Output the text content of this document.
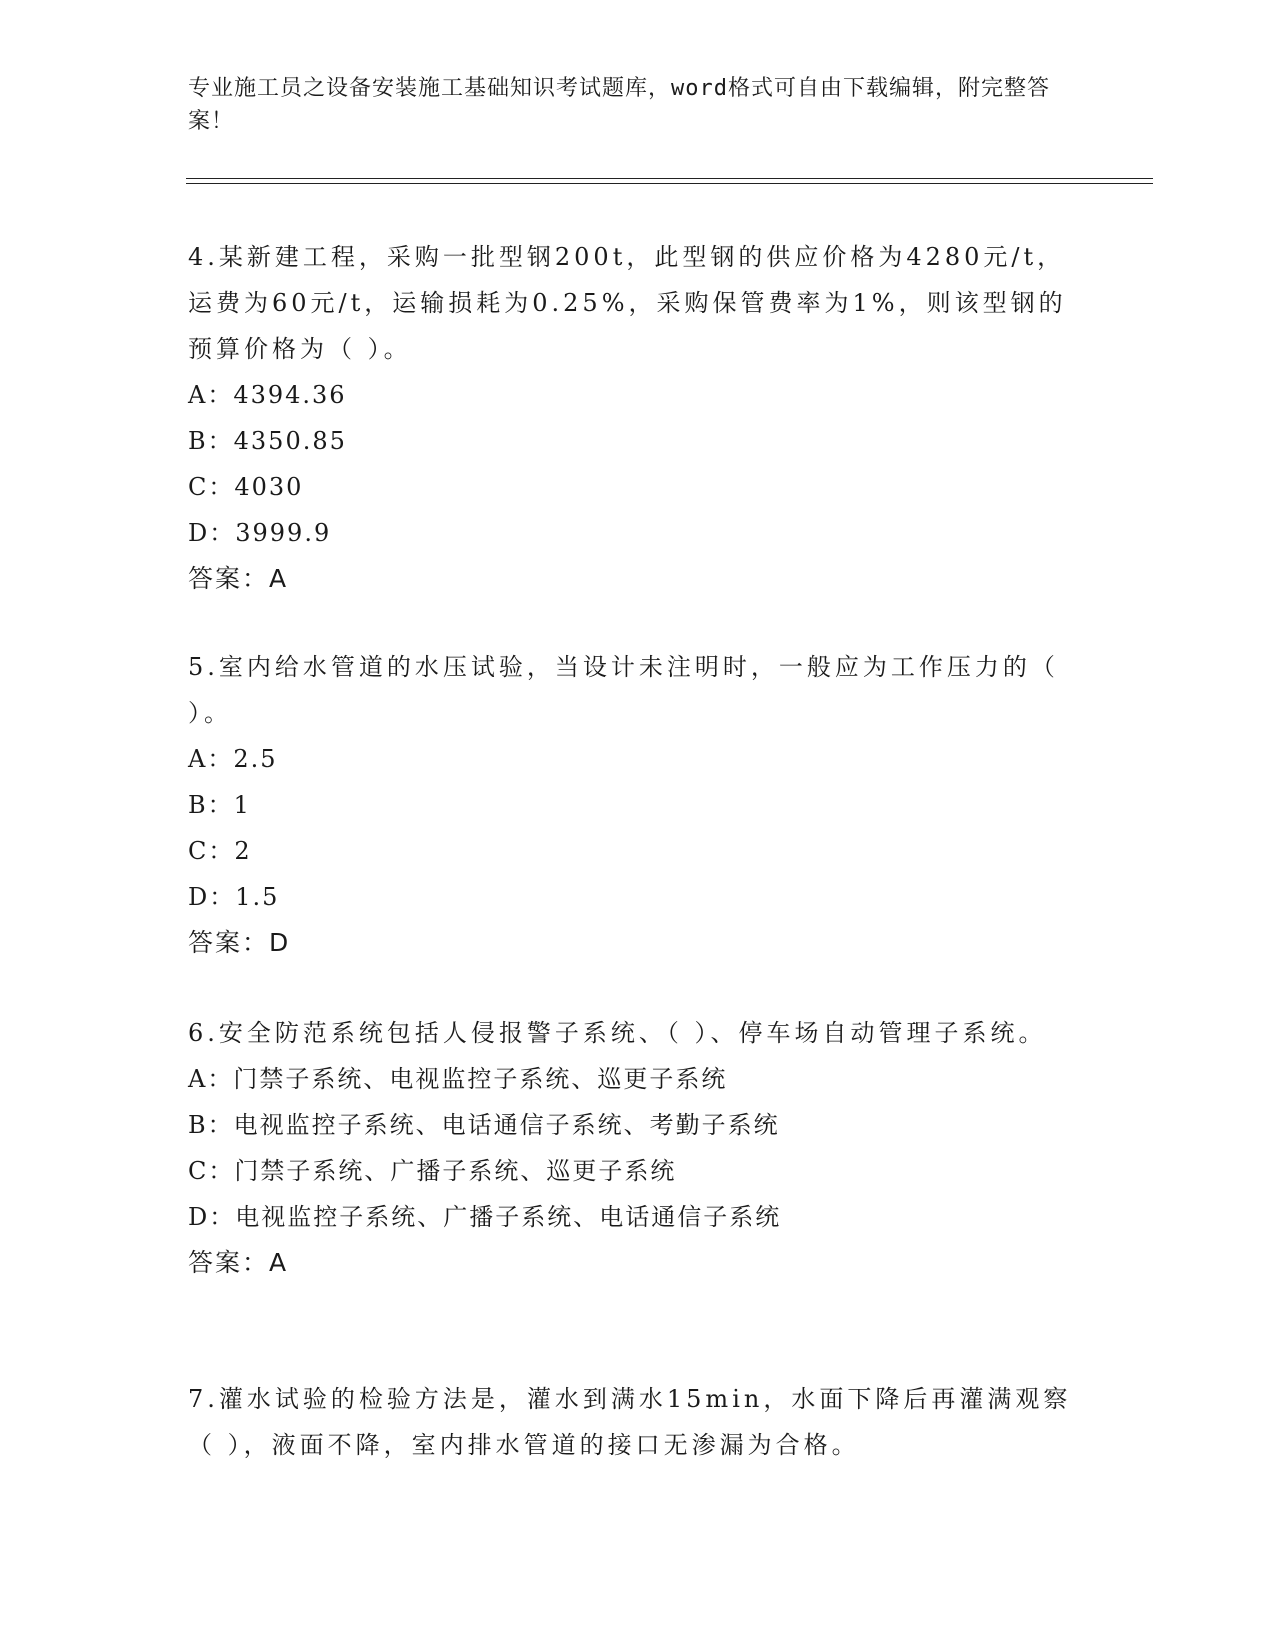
专业施工员之设备安装施工基础知识考试题库，word格式可自由下载编辑，附完整答案！

4.某新建工程，采购一批型钢200t，此型钢的供应价格为4280元/t，运费为60元/t，运输损耗为0.25%，采购保管费率为1%，则该型钢的预算价格为（ ）。

A：4394.36

B：4350.85

C：4030

D：3999.9

答案：A

5.室内给水管道的水压试验，当设计未注明时，一般应为工作压力的（ ）。

A：2.5

B：1

C：2

D：1.5

答案：D

6.安全防范系统包括人侵报警子系统、（ ）、停车场自动管理子系统。

A：门禁子系统、电视监控子系统、巡更子系统

B：电视监控子系统、电话通信子系统、考勤子系统

C：门禁子系统、广播子系统、巡更子系统

D：电视监控子系统、广播子系统、电话通信子系统

答案：A

7.灌水试验的检验方法是，灌水到满水15min，水面下降后再灌满观察（ ），液面不降，室内排水管道的接口无渗漏为合格。
